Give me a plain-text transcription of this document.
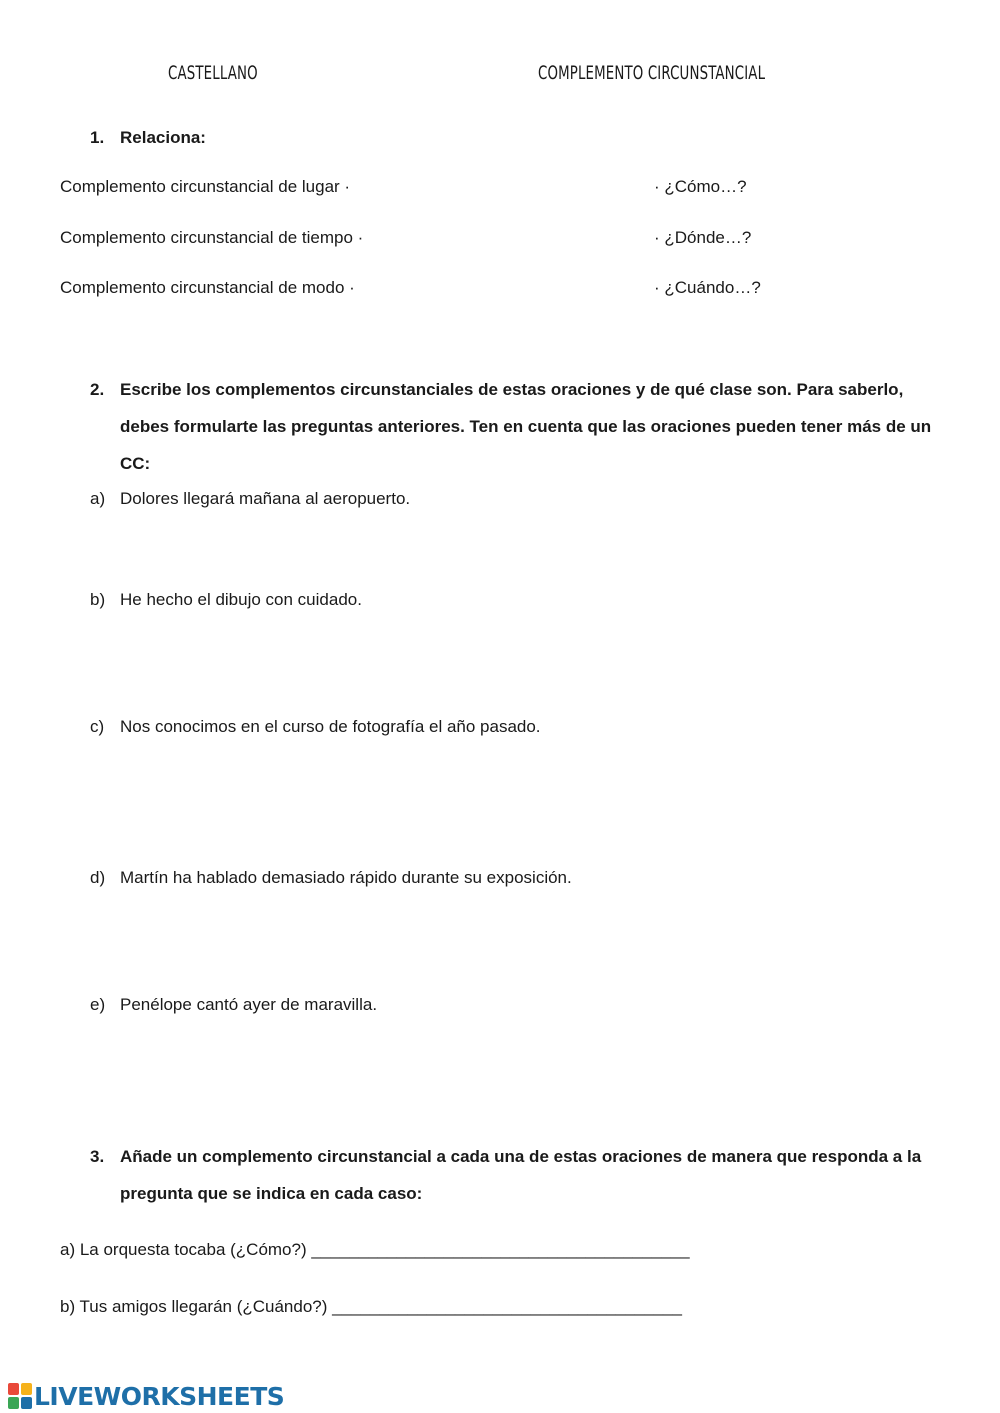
CASTELLANO	COMPLEMENTO CIRCUNSTANCIAL
1. Relaciona:
Complemento circunstancial de lugar ·	· ¿Cómo…?
Complemento circunstancial de tiempo ·	· ¿Dónde…?
Complemento circunstancial de modo ·	· ¿Cuándo…?
2. Escribe los complementos circunstanciales de estas oraciones y de qué clase son. Para saberlo, debes formularte las preguntas anteriores. Ten en cuenta que las oraciones pueden tener más de un CC:
a) Dolores llegará mañana al aeropuerto.
b) He hecho el dibujo con cuidado.
c) Nos conocimos en el curso de fotografía el año pasado.
d) Martín ha hablado demasiado rápido durante su exposición.
e) Penélope cantó ayer de maravilla.
3. Añade un complemento circunstancial a cada una de estas oraciones de manera que responda a la pregunta que se indica en cada caso:
a) La orquesta tocaba (¿Cómo?) ________________________________________
b) Tus amigos llegarán (¿Cuándo?) _____________________________________
LIVEWORKSHEETS
